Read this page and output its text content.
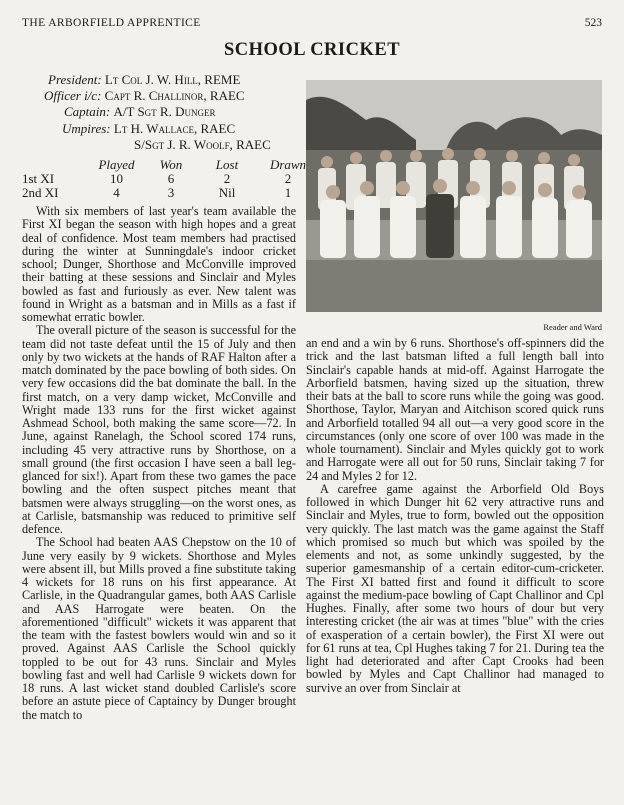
THE ARBORFIELD APPRENTICE	523
SCHOOL CRICKET
President: Lt Col J. W. Hill, REME
Officer i/c: Capt R. Challinor, RAEC
Captain: A/T Sgt R. Dunger
Umpires: Lt H. Wallace, RAEC
S/Sgt J. R. Woolf, RAEC
	Played	Won	Lost	Drawn
1st XI	10	6	2	2
2nd XI	4	3	Nil	1
Reader and Ward

With six members of last year's team available the First XI began the season with high hopes and a great deal of confidence. Most team members had practised during the winter at Sunningdale's indoor cricket school; Dunger, Shorthose and McConville improved their batting at these sessions and Sinclair and Myles bowled as fast and furiously as ever. New talent was found in Wright as a batsman and in Mills as a fast if somewhat erratic bowler.

The overall picture of the season is successful for the team did not taste defeat until the 15 of July and then only by two wickets at the hands of RAF Halton after a match dominated by the pace bowling of both sides. On very few occasions did the bat dominate the ball. In the first match, on a very damp wicket, McConville and Wright made 133 runs for the first wicket against Ashmead School, both making the same score—72. In June, against Ranelagh, the School scored 174 runs, including 45 very attractive runs by Shorthose, on a small ground (the first occasion I have seen a ball leg-glanced for six!). Apart from these two games the pace bowling and the often suspect pitches meant that batsmen were always struggling—on the worst ones, as at Carlisle, batsmanship was reduced to primitive self defence.

The School had beaten AAS Chepstow on the 10 of June very easily by 9 wickets. Shorthose and Myles were absent ill, but Mills proved a fine substitute taking 4 wickets for 18 runs on his first appearance. At Carlisle, in the Quadrangular games, both AAS Carlisle and AAS Harrogate were beaten. On the aforementioned "difficult" wickets it was apparent that the team with the fastest bowlers would win and so it proved. Against AAS Carlisle the School quickly toppled to be out for 43 runs. Sinclair and Myles bowling fast and well had Carlisle 9 wickets down for 18 runs. A last wicket stand doubled Carlisle's score before an astute piece of Captaincy by Dunger brought the match to

an end and a win by 6 runs. Shorthose's off-spinners did the trick and the last batsman lifted a full length ball into Sinclair's capable hands at mid-off. Against Harrogate the Arborfield batsmen, having sized up the situation, threw their bats at the ball to score runs while the going was good. Shorthose, Taylor, Maryan and Aitchison scored quick runs and Arborfield totalled 94 all out—a very good score in the circumstances (only one score of over 100 was made in the whole tournament). Sinclair and Myles quickly got to work and Harrogate were all out for 50 runs, Sinclair taking 7 for 24 and Myles 2 for 12.

A carefree game against the Arborfield Old Boys followed in which Dunger hit 62 very attractive runs and Sinclair and Myles, true to form, bowled out the opposition very quickly. The last match was the game against the Staff which promised so much but which was spoiled by the elements and not, as some unkindly suggested, by the superior gamesmanship of a certain editor-cum-cricketer. The First XI batted first and found it difficult to score against the medium-pace bowling of Capt Challinor and Cpl Hughes. Finally, after some two hours of dour but very interesting cricket (the air was at times "blue" with the cries of exasperation of a certain bowler), the First XI were out for 61 runs at tea, Cpl Hughes taking 7 for 21. During tea the light had deteriorated and after Capt Crooks had been bowled by Myles and Capt Challinor had managed to survive an over from Sinclair at
